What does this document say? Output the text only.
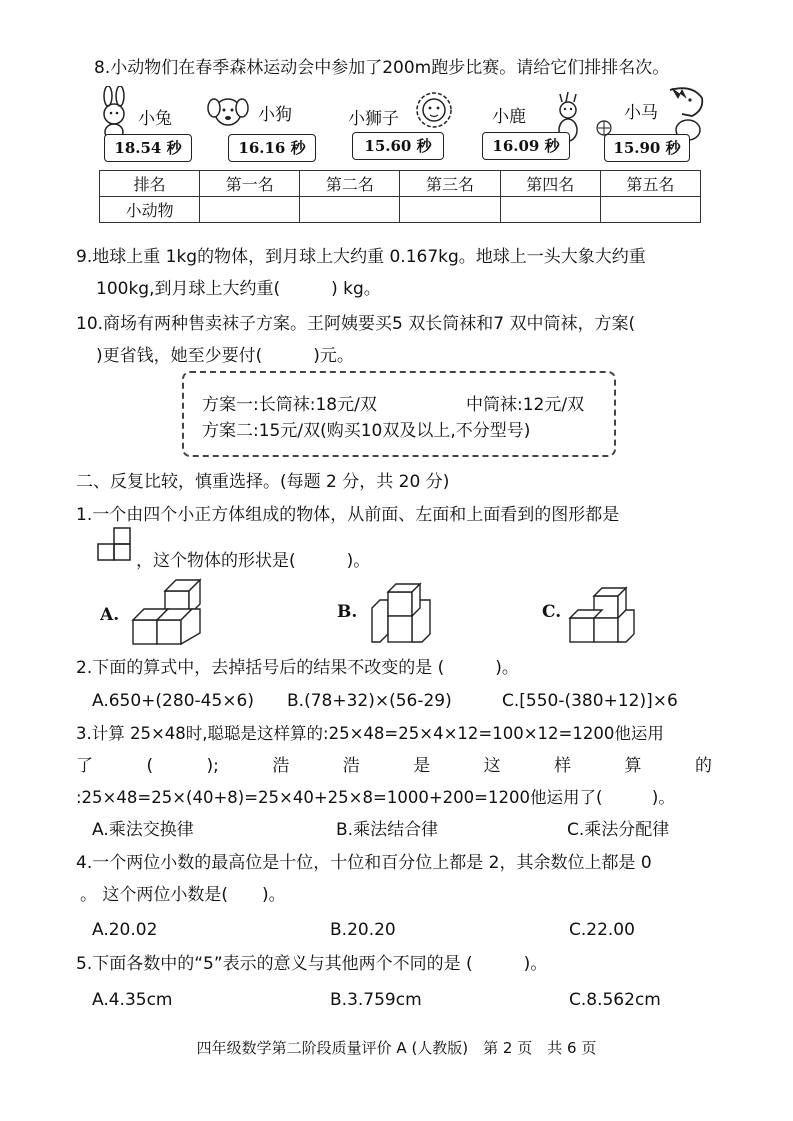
8.小动物们在春季森林运动会中参加了200m跑步比赛。请给它们排排名次。
小兔
18.54 秒
小狗
16.16 秒
小狮子
15.60 秒
小鹿
16.09 秒
小马
15.90 秒
排名	第一名	第二名	第三名	第四名	第五名
小动物					
9.地球上重 1kg的物体，到月球上大约重 0.167kg。地球上一头大象大约重
100kg,到月球上大约重(　　　) kg。
10.商场有两种售卖袜子方案。王阿姨要买5 双长筒袜和7 双中筒袜，方案(
)更省钱，她至少要付(　　　)元。
方案一:长筒袜:18元/双	中筒袜:12元/双
方案二:15元/双(购买10双及以上,不分型号)
二、反复比较，慎重选择。(每题 2 分，共 20 分)
1.一个由四个小正方体组成的物体，从前面、左面和上面看到的图形都是
，这个物体的形状是(　　　)。
A.	B.	C.
2.下面的算式中，去掉括号后的结果不改变的是 (　　　)。
A.650+(280-45×6) B.(78+32)×(56-29)	C.[550-(380+12)]×6
3.计算 25×48时,聪聪是这样算的:25×48=25×4×12=100×12=1200他运用
了	(	);	浩	浩	是	这	样	算	的
:25×48=25×(40+8)=25×40+25×8=1000+200=1200他运用了(　　　)。
A.乘法交换律	B.乘法结合律	C.乘法分配律
4.一个两位小数的最高位是十位，十位和百分位上都是 2，其余数位上都是 0
。 这个两位小数是(　　)。
A.20.02	B.20.20	C.22.00
5.下面各数中的“5”表示的意义与其他两个不同的是 (　　　)。
A.4.35cm	B.3.759cm	C.8.562cm
四年级数学第二阶段质量评价 A (人教版)　第 2 页　共 6 页
